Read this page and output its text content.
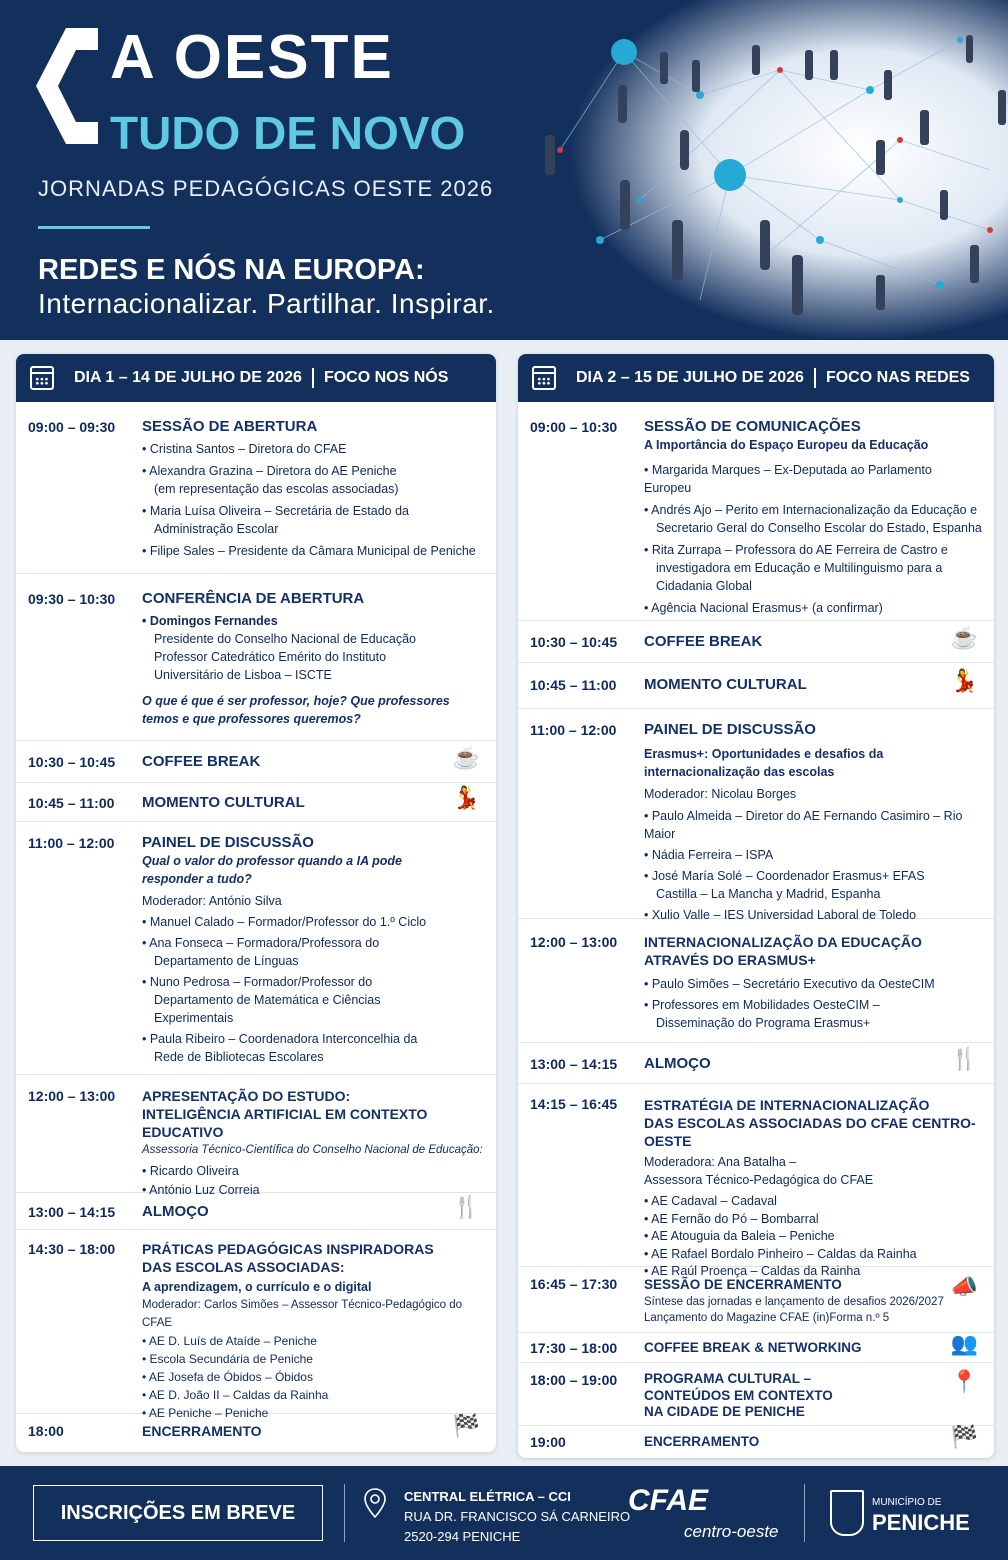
A OESTE
TUDO DE NOVO
JORNADAS PEDAGÓGICAS OESTE 2026
REDES E NÓS NA EUROPA:
Internacionalizar. Partilhar. Inspirar.
DIA 1 – 14 DE JULHO DE 2026 FOCO NOS NÓS
09:00 – 09:30 SESSÃO DE ABERTURA
• Cristina Santos – Diretora do CFAE
• Alexandra Grazina – Diretora do AE Peniche
(em representação das escolas associadas)
• Maria Luísa Oliveira – Secretária de Estado da
Administração Escolar
• Filipe Sales – Presidente da Câmara Municipal de Peniche
09:30 – 10:30 CONFERÊNCIA DE ABERTURA
• Domingos Fernandes
Presidente do Conselho Nacional de Educação
Professor Catedrático Emérito do Instituto
Universitário de Lisboa – ISCTE
O que é que é ser professor, hoje? Que professores temos e que professores queremos?
10:30 – 10:45 COFFEE BREAK	☕
10:45 – 11:00 MOMENTO CULTURAL	💃
11:00 – 12:00 PAINEL DE DISCUSSÃO
Qual o valor do professor quando a IA pode responder a tudo?
Moderador: António Silva
• Manuel Calado – Formador/Professor do 1.º Ciclo
• Ana Fonseca – Formadora/Professora do
Departamento de Línguas
• Nuno Pedrosa – Formador/Professor do
Departamento de Matemática e Ciências
Experimentais
• Paula Ribeiro – Coordenadora Interconcelhia da
Rede de Bibliotecas Escolares
12:00 – 13:00 APRESENTAÇÃO DO ESTUDO:
INTELIGÊNCIA ARTIFICIAL EM CONTEXTO EDUCATIVO
Assessoria Técnico-Científica do Conselho Nacional de Educação:
• Ricardo Oliveira
• António Luz Correia
13:00 – 14:15 ALMOÇO	🍴
14:30 – 18:00 PRÁTICAS PEDAGÓGICAS INSPIRADORAS
DAS ESCOLAS ASSOCIADAS:
A aprendizagem, o currículo e o digital
Moderador: Carlos Simões – Assessor Técnico-Pedagógico do CFAE
• AE D. Luís de Ataíde – Peniche
• Escola Secundária de Peniche
• AE Josefa de Óbidos – Óbidos
• AE D. João II – Caldas da Rainha
• AE Peniche – Peniche
18:00	ENCERRAMENTO	🏁
DIA 2 – 15 DE JULHO DE 2026 FOCO NAS REDES
09:00 – 10:30 SESSÃO DE COMUNICAÇÕES
A Importância do Espaço Europeu da Educação
• Margarida Marques – Ex-Deputada ao Parlamento Europeu
• Andrés Ajo – Perito em Internacionalização da Educação e
Secretario Geral do Conselho Escolar do Estado, Espanha
• Rita Zurrapa – Professora do AE Ferreira de Castro e
investigadora em Educação e Multilinguismo para a
Cidadania Global
• Agência Nacional Erasmus+ (a confirmar)
10:30 – 10:45 COFFEE BREAK	☕
10:45 – 11:00 MOMENTO CULTURAL	💃
11:00 – 12:00 PAINEL DE DISCUSSÃO
Erasmus+: Oportunidades e desafios da internacionalização das escolas
Moderador: Nicolau Borges
• Paulo Almeida – Diretor do AE Fernando Casimiro – Rio Maior
• Nádia Ferreira – ISPA
• José María Solé – Coordenador Erasmus+ EFAS
Castilla – La Mancha y Madrid, Espanha
• Xulio Valle – IES Universidad Laboral de Toledo
12:00 – 13:00 INTERNACIONALIZAÇÃO DA EDUCAÇÃO
ATRAVÉS DO ERASMUS+
• Paulo Simões – Secretário Executivo da OesteCIM
• Professores em Mobilidades OesteCIM –
Disseminação do Programa Erasmus+
13:00 – 14:15 ALMOÇO	🍴
14:15 – 16:45 ESTRATÉGIA DE INTERNACIONALIZAÇÃO
DAS ESCOLAS ASSOCIADAS DO CFAE CENTRO-OESTE
Moderadora: Ana Batalha –
Assessora Técnico-Pedagógica do CFAE
• AE Cadaval – Cadaval
• AE Fernão do Pó – Bombarral
• AE Atouguia da Baleia – Peniche
• AE Rafael Bordalo Pinheiro – Caldas da Rainha
• AE Raúl Proença – Caldas da Rainha
16:45 – 17:30 SESSÃO DE ENCERRAMENTO
Síntese das jornadas e lançamento de desafios 2026/2027
Lançamento do Magazine CFAE (in)Forma n.º 5
📣
17:30 – 18:00 COFFEE BREAK & NETWORKING	👥
18:00 – 19:00 PROGRAMA CULTURAL –
CONTEÚDOS EM CONTEXTO
NA CIDADE DE PENICHE
📍
19:00	ENCERRAMENTO	🏁
INSCRIÇÕES EM BREVE
CENTRAL ELÉTRICA – CCI
RUA DR. FRANCISCO SÁ CARNEIRO
2520-294 PENICHE
CFAE
centro-oeste
MUNICÍPIO DE
PENICHE
